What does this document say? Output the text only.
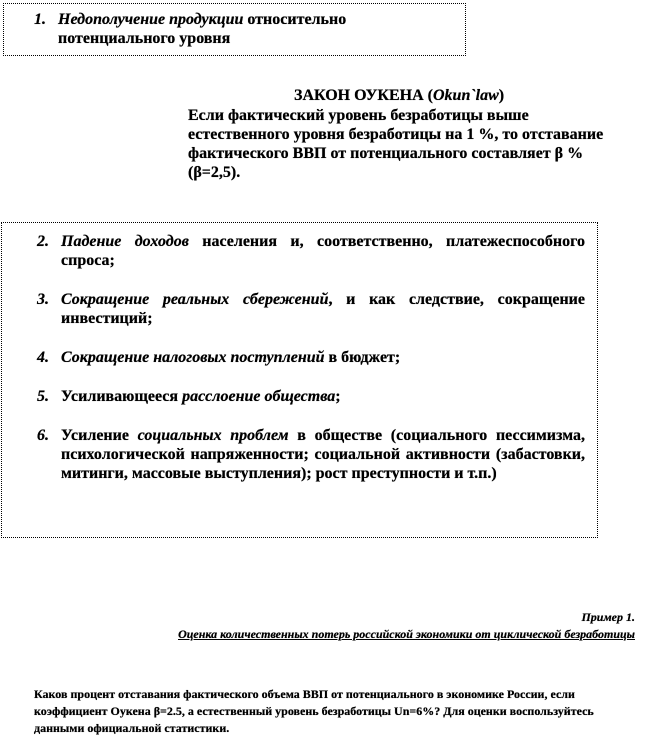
1. Недополучение продукции относительно потенциального уровня
ЗАКОН ОУКЕНА (Okun`law)
Если фактический уровень безработицы выше естественного уровня безработицы на 1 %, то отставание фактического ВВП от потенциального составляет β % (β=2,5).
2. Падение доходов населения и, соответственно, платежеспособного спроса;
3. Сокращение реальных сбережений, и как следствие, сокращение инвестиций;
4. Сокращение налоговых поступлений в бюджет;
5. Усиливающееся расслоение общества;
6. Усиление социальных проблем в обществе (социального пессимизма, психологической напряженности; социальной активности (забастовки, митинги, массовые выступления); рост преступности и т.п.)
Пример 1.
Оценка количественных потерь российской экономики от циклической безработицы
Каков процент отставания фактического объема ВВП от потенциального в экономике России, если коэффициент Оукена β=2.5, а естественный уровень безработицы Un=6%? Для оценки воспользуйтесь данными официальной статистики.
